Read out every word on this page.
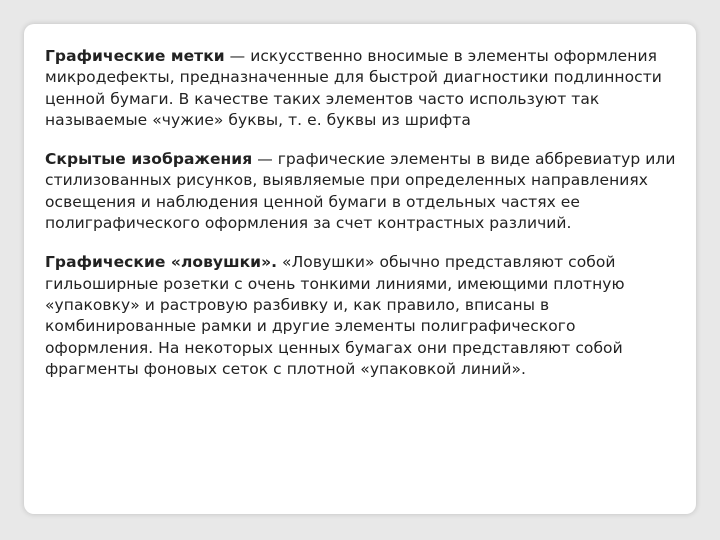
Графические метки — искусственно вносимые в элементы оформления микродефекты, предназначенные для быстрой диагностики подлинности ценной бумаги. В качестве таких элементов часто используют так называемые «чужие» буквы, т. е. буквы из шрифта

Скрытые изображения — графические элементы в виде аббревиатур или стилизованных рисунков, выявляемые при определенных направлениях освещения и наблюдения ценной бумаги в отдельных частях ее полиграфического оформления за счет контрастных различий.

Графические «ловушки». «Ловушки» обычно представляют собой гильоширные розетки с очень тонкими линиями, имеющими плотную «упаковку» и растровую разбивку и, как правило, вписаны в комбинированные рамки и другие элементы полиграфического оформления. На некоторых ценных бумагах они представляют собой фрагменты фоновых сеток с плотной «упаковкой линий».
